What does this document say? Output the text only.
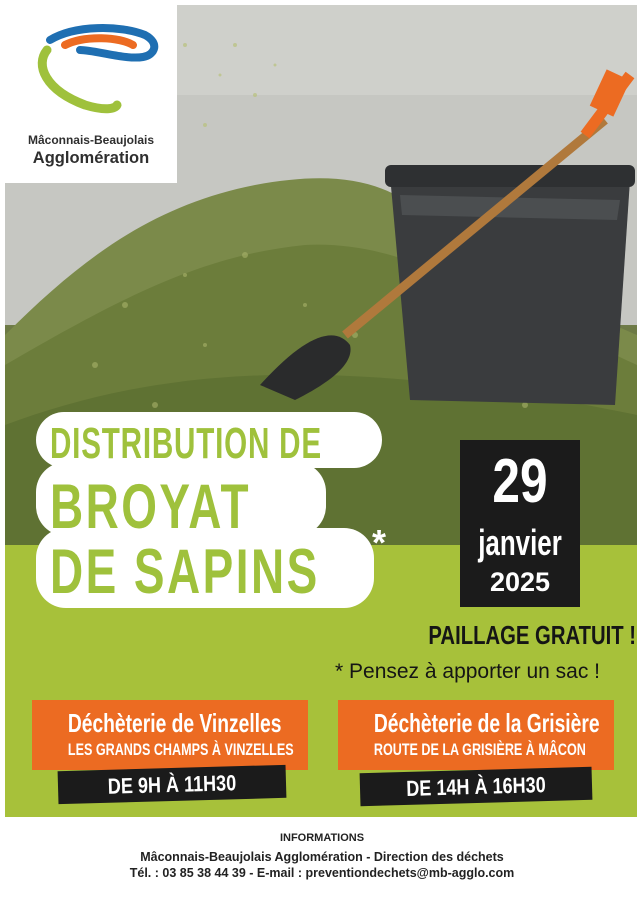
Mâconnais-Beaujolais
Agglomération
DISTRIBUTION DE
BROYAT
DE SAPINS *
29
janvier
2025
PAILLAGE GRATUIT !
* Pensez à apporter un sac !
Déchèterie de Vinzelles
LES GRANDS CHAMPS À VINZELLES
Déchèterie de la Grisière
ROUTE DE LA GRISIÈRE À MÂCON
DE 9H À 11H30	DE 14H À 16H30
INFORMATIONS
Mâconnais-Beaujolais Agglomération - Direction des déchets
Tél. : 03 85 38 44 39 - E-mail : preventiondechets@mb-agglo.com
